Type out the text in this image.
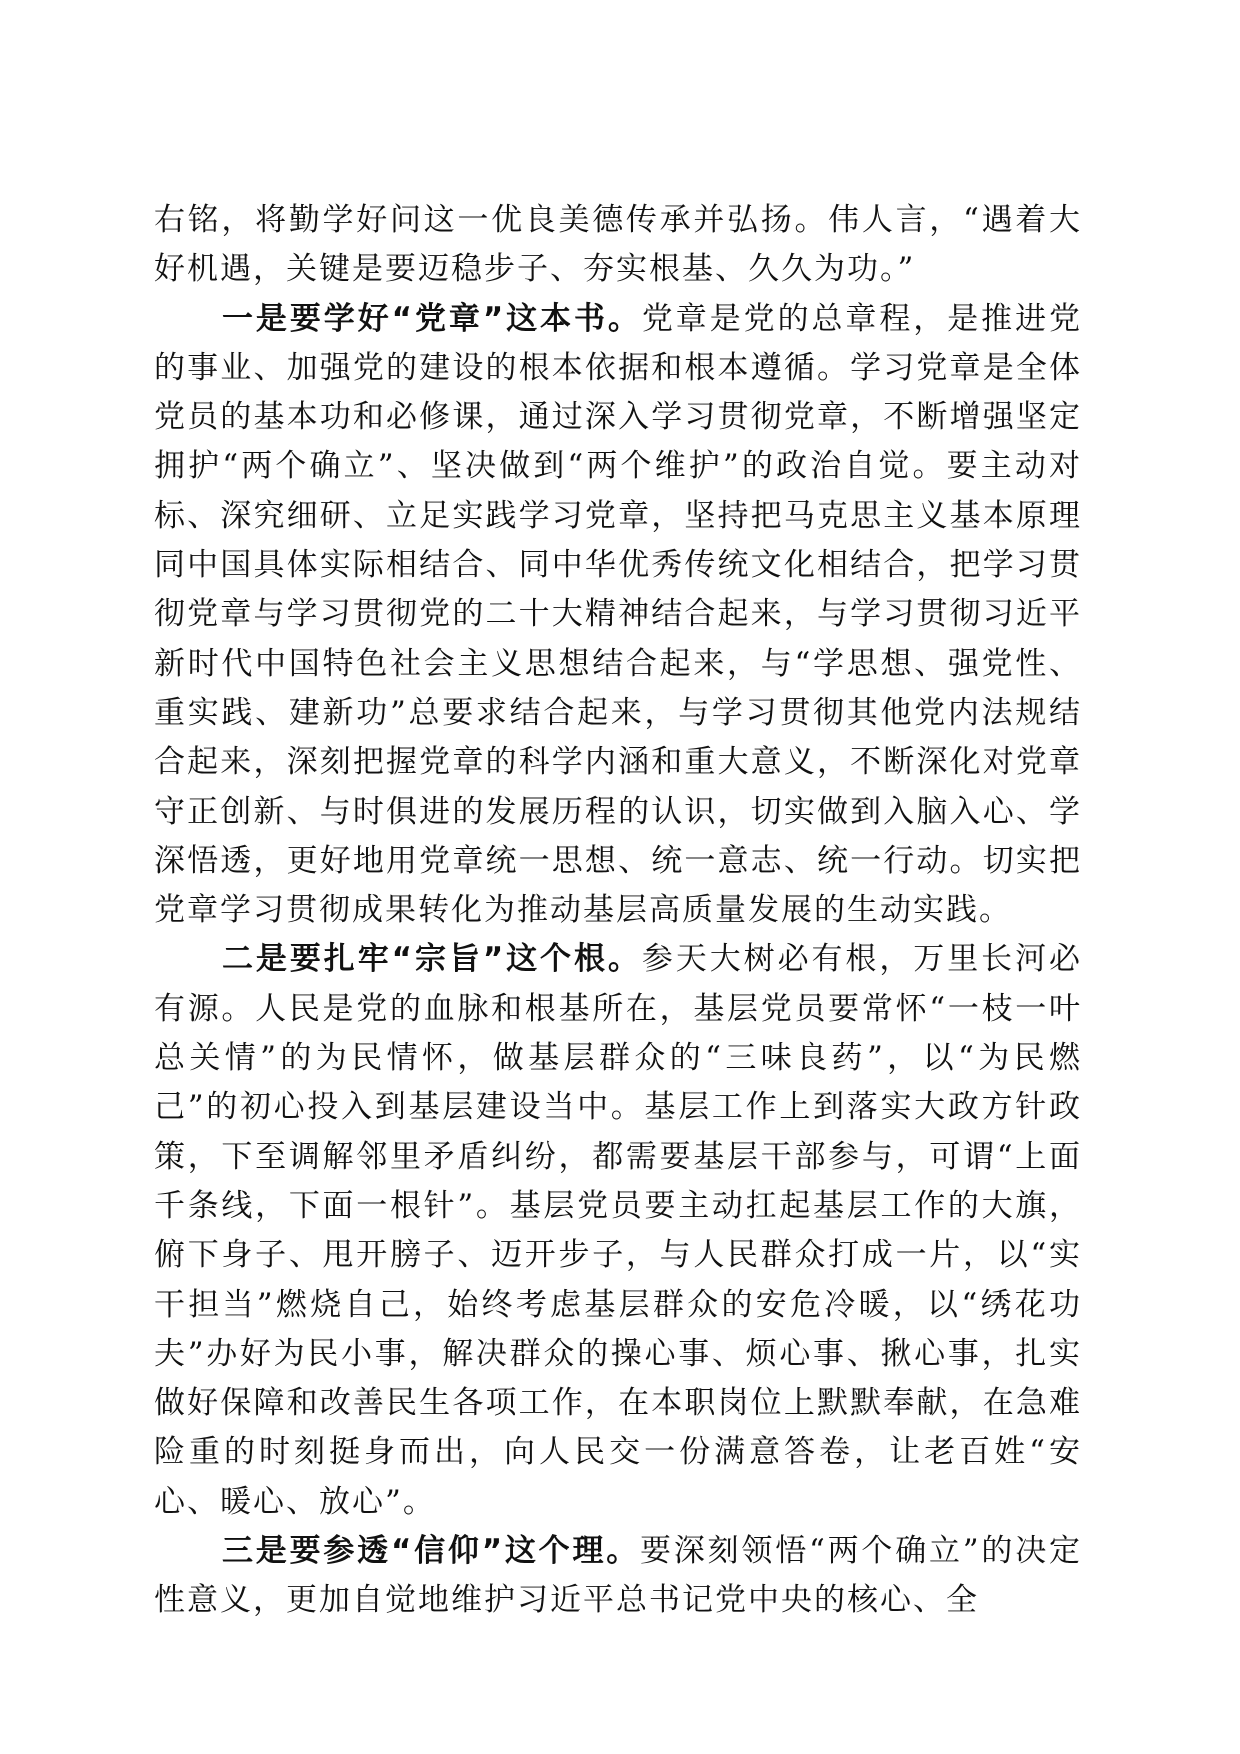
右铭，将勤学好问这一优良美德传承并弘扬。伟人言，“遇着大好机遇，关键是要迈稳步子、夯实根基、久久为功。”

一是要学好“党章”这本书。党章是党的总章程，是推进党的事业、加强党的建设的根本依据和根本遵循。学习党章是全体党员的基本功和必修课，通过深入学习贯彻党章，不断增强坚定拥护“两个确立”、坚决做到“两个维护”的政治自觉。要主动对标、深究细研、立足实践学习党章，坚持把马克思主义基本原理同中国具体实际相结合、同中华优秀传统文化相结合，把学习贯彻党章与学习贯彻党的二十大精神结合起来，与学习贯彻习近平新时代中国特色社会主义思想结合起来，与“学思想、强党性、重实践、建新功”总要求结合起来，与学习贯彻其他党内法规结合起来，深刻把握党章的科学内涵和重大意义，不断深化对党章守正创新、与时俱进的发展历程的认识，切实做到入脑入心、学深悟透，更好地用党章统一思想、统一意志、统一行动。切实把党章学习贯彻成果转化为推动基层高质量发展的生动实践。

二是要扎牢“宗旨”这个根。参天大树必有根，万里长河必有源。人民是党的血脉和根基所在，基层党员要常怀“一枝一叶总关情”的为民情怀，做基层群众的“三味良药”，以“为民燃己”的初心投入到基层建设当中。基层工作上到落实大政方针政策，下至调解邻里矛盾纠纷，都需要基层干部参与，可谓“上面千条线，下面一根针”。基层党员要主动扛起基层工作的大旗，俯下身子、甩开膀子、迈开步子，与人民群众打成一片，以“实干担当”燃烧自己，始终考虑基层群众的安危冷暖，以“绣花功夫”办好为民小事，解决群众的操心事、烦心事、揪心事，扎实做好保障和改善民生各项工作，在本职岗位上默默奉献，在急难险重的时刻挺身而出，向人民交一份满意答卷，让老百姓“安心、暖心、放心”。

三是要参透“信仰”这个理。要深刻领悟“两个确立”的决定性意义，更加自觉地维护习近平总书记党中央的核心、全
